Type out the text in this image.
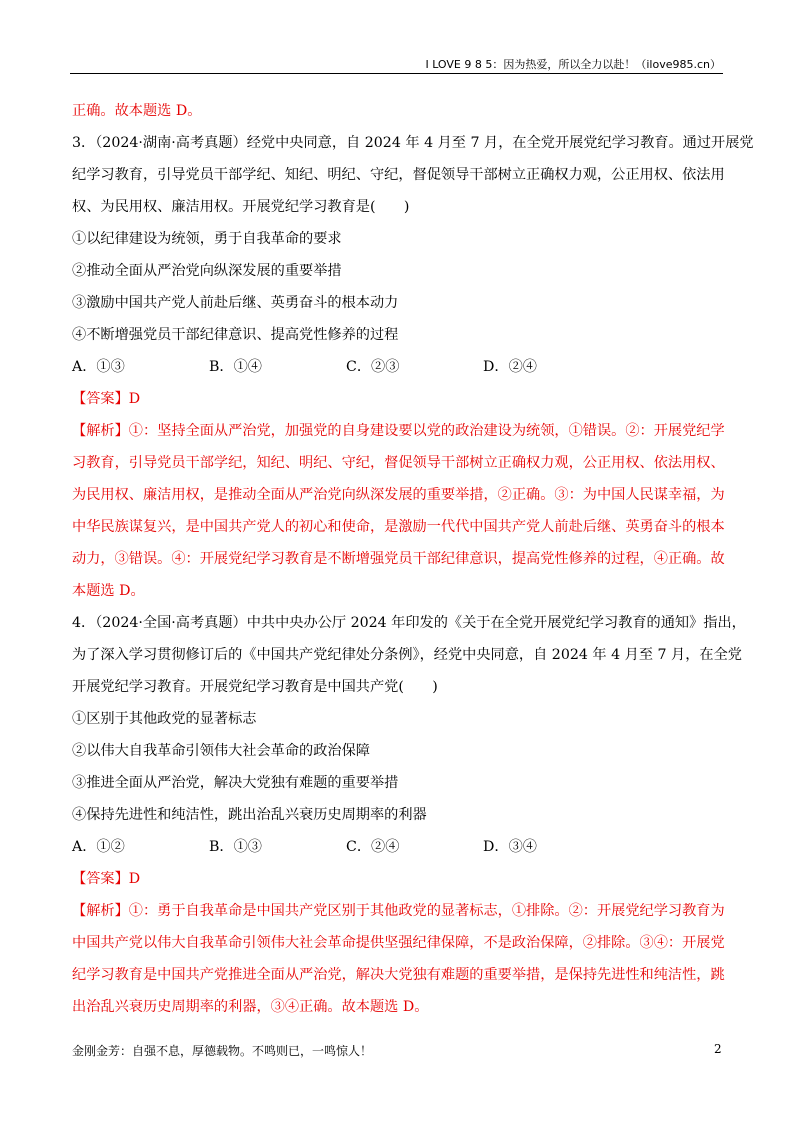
I LOVE 9 8 5：因为热爱，所以全力以赴！（ilove985.cn）
正确。故本题选 D。
3．（2024·湖南·高考真题）经党中央同意，自 2024 年 4 月至 7 月，在全党开展党纪学习教育。通过开展党
纪学习教育，引导党员干部学纪、知纪、明纪、守纪，督促领导干部树立正确权力观，公正用权、依法用
权、为民用权、廉洁用权。开展党纪学习教育是(　　)
①以纪律建设为统领，勇于自我革命的要求
②推动全面从严治党向纵深发展的重要举措
③激励中国共产党人前赴后继、英勇奋斗的根本动力
④不断增强党员干部纪律意识、提高党性修养的过程
A．①③	B．①④	C．②③	D．②④
【答案】D
【解析】①：坚持全面从严治党，加强党的自身建设要以党的政治建设为统领，①错误。②：开展党纪学
习教育，引导党员干部学纪，知纪、明纪、守纪，督促领导干部树立正确权力观，公正用权、依法用权、
为民用权、廉洁用权，是推动全面从严治党向纵深发展的重要举措，②正确。③：为中国人民谋幸福，为
中华民族谋复兴，是中国共产党人的初心和使命，是激励一代代中国共产党人前赴后继、英勇奋斗的根本
动力，③错误。④：开展党纪学习教育是不断增强党员干部纪律意识，提高党性修养的过程，④正确。故
本题选 D。
4．（2024·全国·高考真题）中共中央办公厅 2024 年印发的《关于在全党开展党纪学习教育的通知》指出，
为了深入学习贯彻修订后的《中国共产党纪律处分条例》，经党中央同意，自 2024 年 4 月至 7 月，在全党
开展党纪学习教育。开展党纪学习教育是中国共产党(　　)
①区别于其他政党的显著标志
②以伟大自我革命引领伟大社会革命的政治保障
③推进全面从严治党，解决大党独有难题的重要举措
④保持先进性和纯洁性，跳出治乱兴衰历史周期率的利器
A．①②	B．①③	C．②④	D．③④
【答案】D
【解析】①：勇于自我革命是中国共产党区别于其他政党的显著标志，①排除。②：开展党纪学习教育为
中国共产党以伟大自我革命引领伟大社会革命提供坚强纪律保障，不是政治保障，②排除。③④：开展党
纪学习教育是中国共产党推进全面从严治党，解决大党独有难题的重要举措，是保持先进性和纯洁性，跳
出治乱兴衰历史周期率的利器，③④正确。故本题选 D。
金刚金芳：自强不息，厚德载物。不鸣则已，一鸣惊人！	2
